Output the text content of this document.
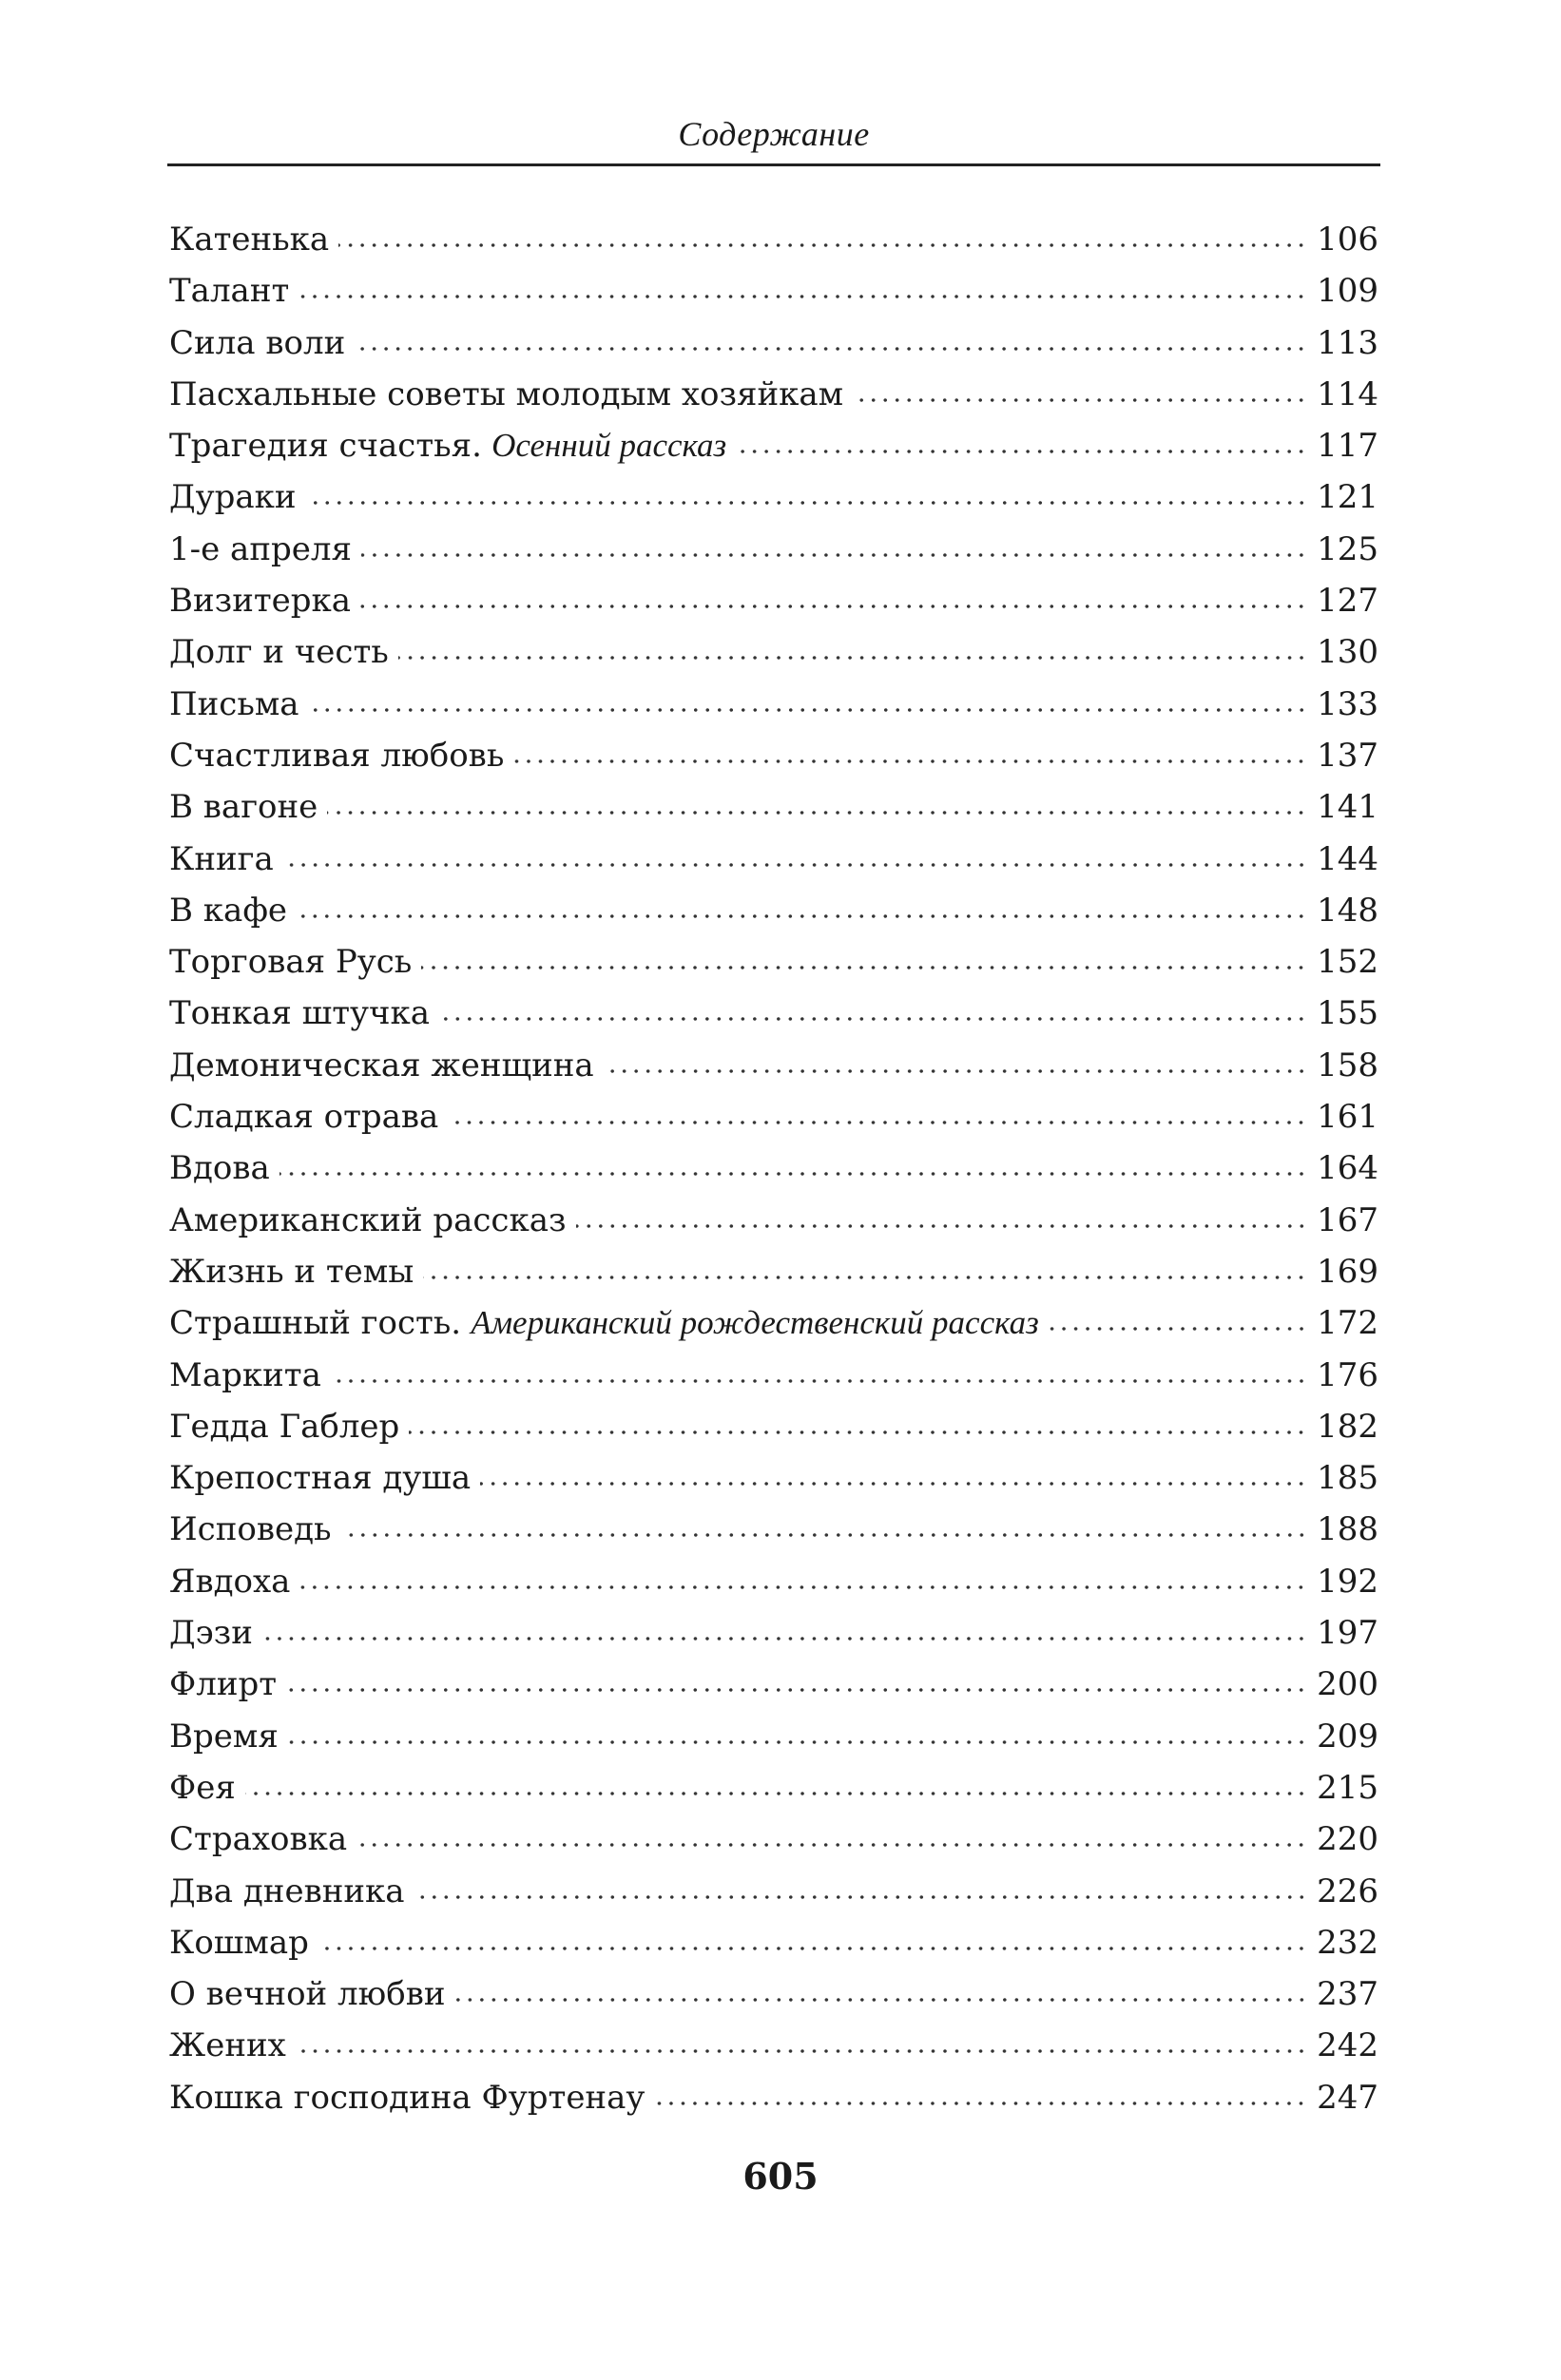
Содержание
Катенька	106
Талант	109
Сила воли	113
Пасхальные советы молодым хозяйкам	114
Трагедия счастья. Осенний рассказ	117
Дураки	121
1-е апреля	125
Визитерка	127
Долг и честь	130
Письма	133
Счастливая любовь	137
В вагоне	141
Книга	144
В кафе	148
Торговая Русь	152
Тонкая штучка	155
Демоническая женщина	158
Сладкая отрава	161
Вдова	164
Американский рассказ	167
Жизнь и темы	169
Страшный гость. Американский рождественский рассказ	172
Маркита	176
Гедда Габлер	182
Крепостная душа	185
Исповедь	188
Явдоха	192
Дэзи	197
Флирт	200
Время	209
Фея	215
Страховка	220
Два дневника	226
Кошмар	232
О вечной любви	237
Жених	242
Кошка господина Фуртенау	247
605
